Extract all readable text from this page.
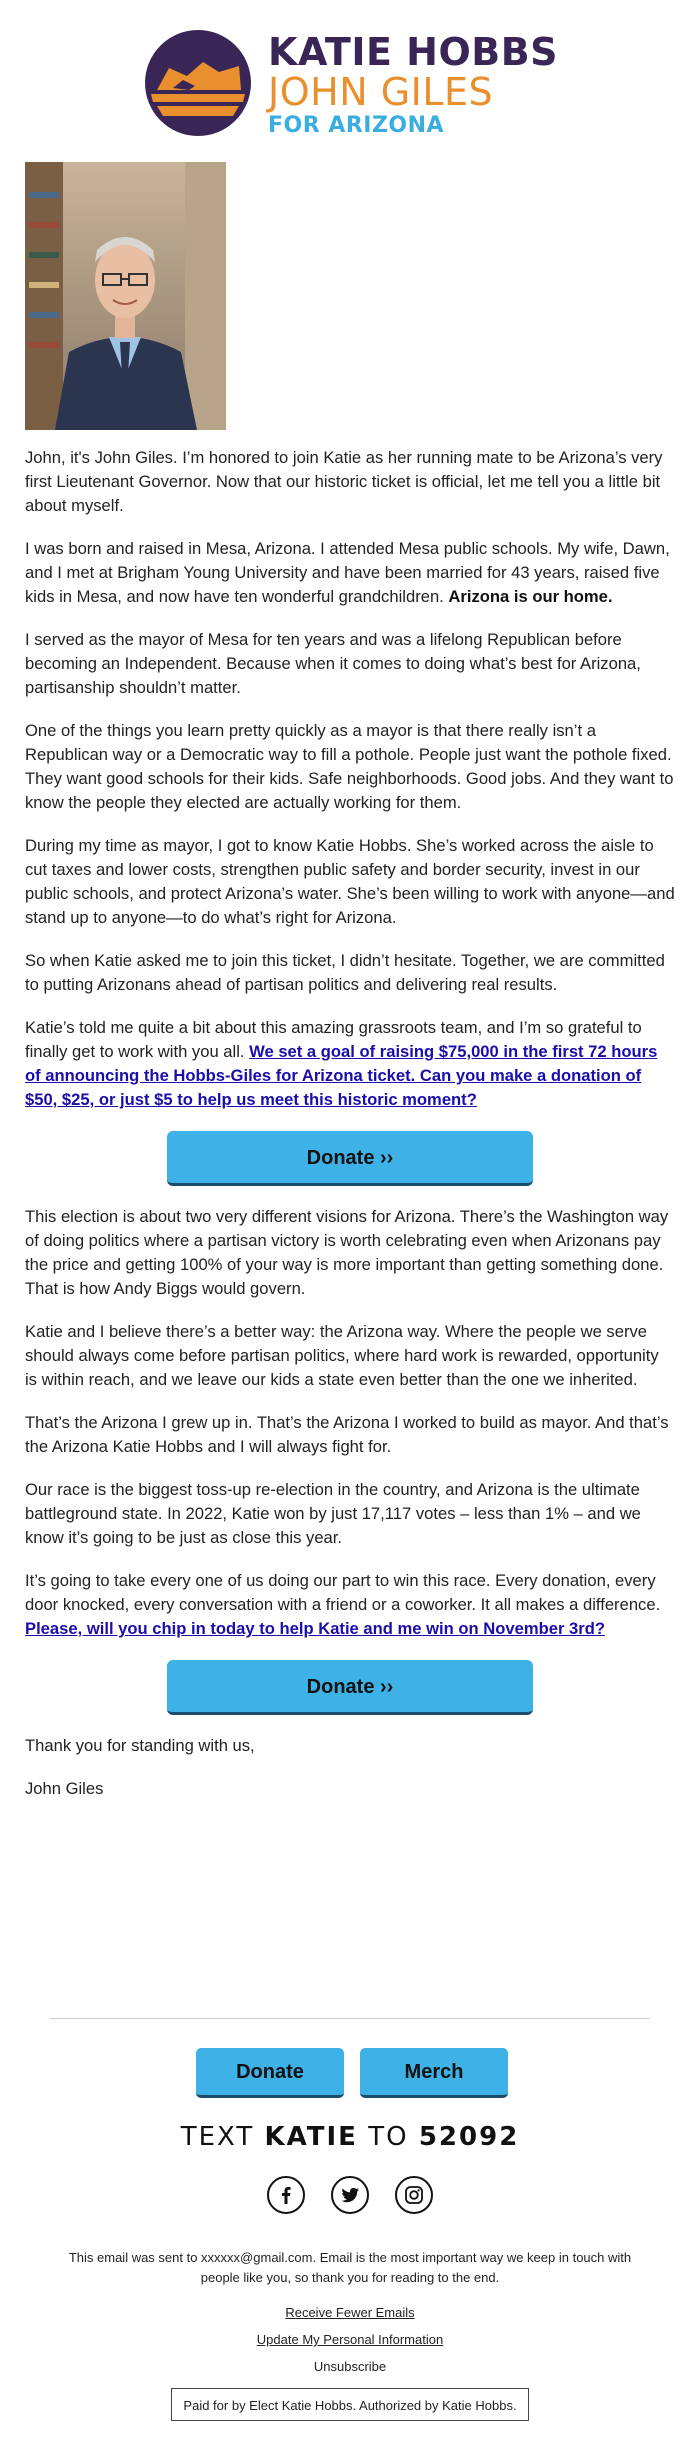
KATIE HOBBS
JOHN GILES
FOR ARIZONA

John, it's John Giles. I’m honored to join Katie as her running mate to be Arizona’s very first Lieutenant Governor. Now that our historic ticket is official, let me tell you a little bit about myself.

I was born and raised in Mesa, Arizona. I attended Mesa public schools. My wife, Dawn, and I met at Brigham Young University and have been married for 43 years, raised five kids in Mesa, and now have ten wonderful grandchildren. Arizona is our home.

I served as the mayor of Mesa for ten years and was a lifelong Republican before becoming an Independent. Because when it comes to doing what’s best for Arizona, partisanship shouldn’t matter.

One of the things you learn pretty quickly as a mayor is that there really isn’t a Republican way or a Democratic way to fill a pothole. People just want the pothole fixed. They want good schools for their kids. Safe neighborhoods. Good jobs. And they want to know the people they elected are actually working for them.

During my time as mayor, I got to know Katie Hobbs. She’s worked across the aisle to cut taxes and lower costs, strengthen public safety and border security, invest in our public schools, and protect Arizona’s water. She’s been willing to work with anyone—and stand up to anyone—to do what’s right for Arizona.

So when Katie asked me to join this ticket, I didn’t hesitate. Together, we are committed to putting Arizonans ahead of partisan politics and delivering real results.

Katie’s told me quite a bit about this amazing grassroots team, and I’m so grateful to finally get to work with you all. We set a goal of raising $75,000 in the first 72 hours of announcing the Hobbs-Giles for Arizona ticket. Can you make a donation of $50, $25, or just $5 to help us meet this historic moment?

Donate ››

This election is about two very different visions for Arizona. There’s the Washington way of doing politics where a partisan victory is worth celebrating even when Arizonans pay the price and getting 100% of your way is more important than getting something done. That is how Andy Biggs would govern.

Katie and I believe there’s a better way: the Arizona way. Where the people we serve should always come before partisan politics, where hard work is rewarded, opportunity is within reach, and we leave our kids a state even better than the one we inherited.

That’s the Arizona I grew up in. That’s the Arizona I worked to build as mayor. And that’s the Arizona Katie Hobbs and I will always fight for.

Our race is the biggest toss-up re-election in the country, and Arizona is the ultimate battleground state. In 2022, Katie won by just 17,117 votes – less than 1% – and we know it’s going to be just as close this year.

It’s going to take every one of us doing our part to win this race. Every donation, every door knocked, every conversation with a friend or a coworker. It all makes a difference. Please, will you chip in today to help Katie and me win on November 3rd?

Donate ››

Thank you for standing with us,

John Giles

Donate	Merch
TEXT KATIE TO 52092

This email was sent to xxxxxx@gmail.com. Email is the most important way we keep in touch with people like you, so thank you for reading to the end.
Receive Fewer Emails
Update My Personal Information
Unsubscribe
Paid for by Elect Katie Hobbs. Authorized by Katie Hobbs.
